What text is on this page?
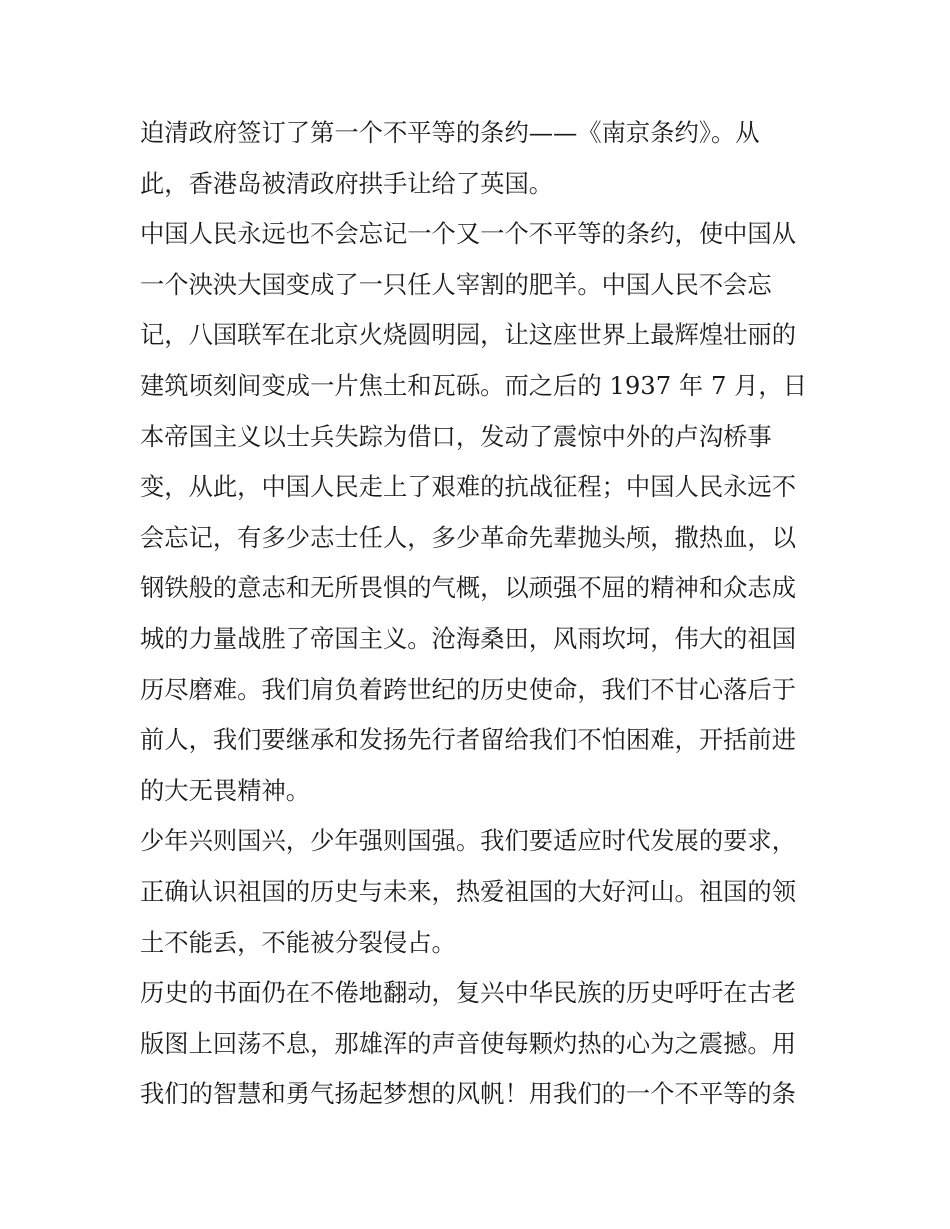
迫清政府签订了第一个不平等的条约——《南京条约》。从
此，香港岛被清政府拱手让给了英国。
中国人民永远也不会忘记一个又一个不平等的条约，使中国从
一个泱泱大国变成了一只任人宰割的肥羊。中国人民不会忘
记，八国联军在北京火烧圆明园，让这座世界上最辉煌壮丽的
建筑顷刻间变成一片焦土和瓦砾。而之后的 1937 年 7 月，日
本帝国主义以士兵失踪为借口，发动了震惊中外的卢沟桥事
变，从此，中国人民走上了艰难的抗战征程；中国人民永远不
会忘记，有多少志士任人，多少革命先辈抛头颅，撒热血，以
钢铁般的意志和无所畏惧的气概，以顽强不屈的精神和众志成
城的力量战胜了帝国主义。沧海桑田，风雨坎坷，伟大的祖国
历尽磨难。我们肩负着跨世纪的历史使命，我们不甘心落后于
前人，我们要继承和发扬先行者留给我们不怕困难，开括前进
的大无畏精神。
少年兴则国兴，少年强则国强。我们要适应时代发展的要求，
正确认识祖国的历史与未来，热爱祖国的大好河山。祖国的领
土不能丢，不能被分裂侵占。
历史的书面仍在不倦地翻动，复兴中华民族的历史呼吁在古老
版图上回荡不息，那雄浑的声音使每颗灼热的心为之震撼。用
我们的智慧和勇气扬起梦想的风帆！用我们的一个不平等的条
